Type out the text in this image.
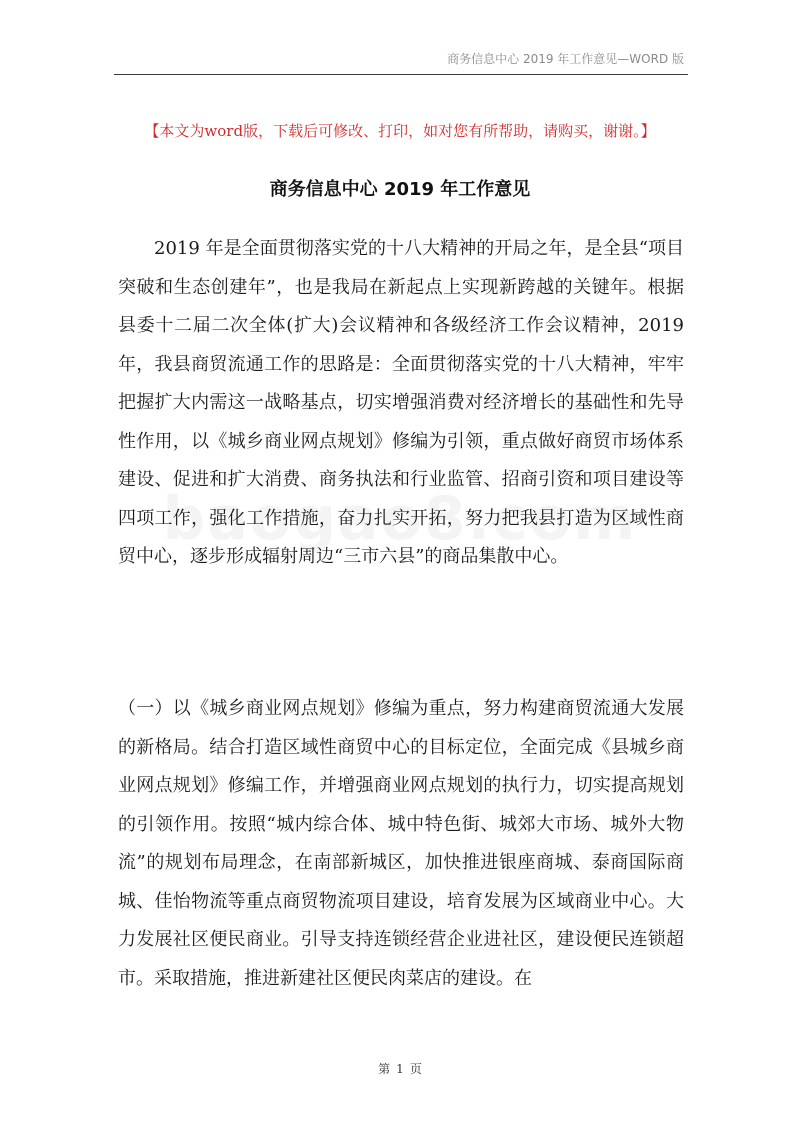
商务信息中心 2019 年工作意见—WORD 版
【本文为word版，下载后可修改、打印，如对您有所帮助，请购买，谢谢。】
商务信息中心 2019 年工作意见

2019 年是全面贯彻落实党的十八大精神的开局之年，是全县“项目突破和生态创建年”，也是我局在新起点上实现新跨越的关键年。根据县委十二届二次全体(扩大)会议精神和各级经济工作会议精神，2019 年，我县商贸流通工作的思路是：全面贯彻落实党的十八大精神，牢牢把握扩大内需这一战略基点，切实增强消费对经济增长的基础性和先导性作用，以《城乡商业网点规划》修编为引领，重点做好商贸市场体系建设、促进和扩大消费、商务执法和行业监管、招商引资和项目建设等四项工作，强化工作措施，奋力扎实开拓，努力把我县打造为区域性商贸中心，逐步形成辐射周边“三市六县”的商品集散中心。

（一）以《城乡商业网点规划》修编为重点，努力构建商贸流通大发展的新格局。结合打造区域性商贸中心的目标定位，全面完成《县城乡商业网点规划》修编工作，并增强商业网点规划的执行力，切实提高规划的引领作用。按照“城内综合体、城中特色街、城郊大市场、城外大物流”的规划布局理念，在南部新城区，加快推进银座商城、泰商国际商城、佳怡物流等重点商贸物流项目建设，培育发展为区域商业中心。大力发展社区便民商业。引导支持连锁经营企业进社区，建设便民连锁超市。采取措施，推进新建社区便民肉菜店的建设。在

第 1 页
